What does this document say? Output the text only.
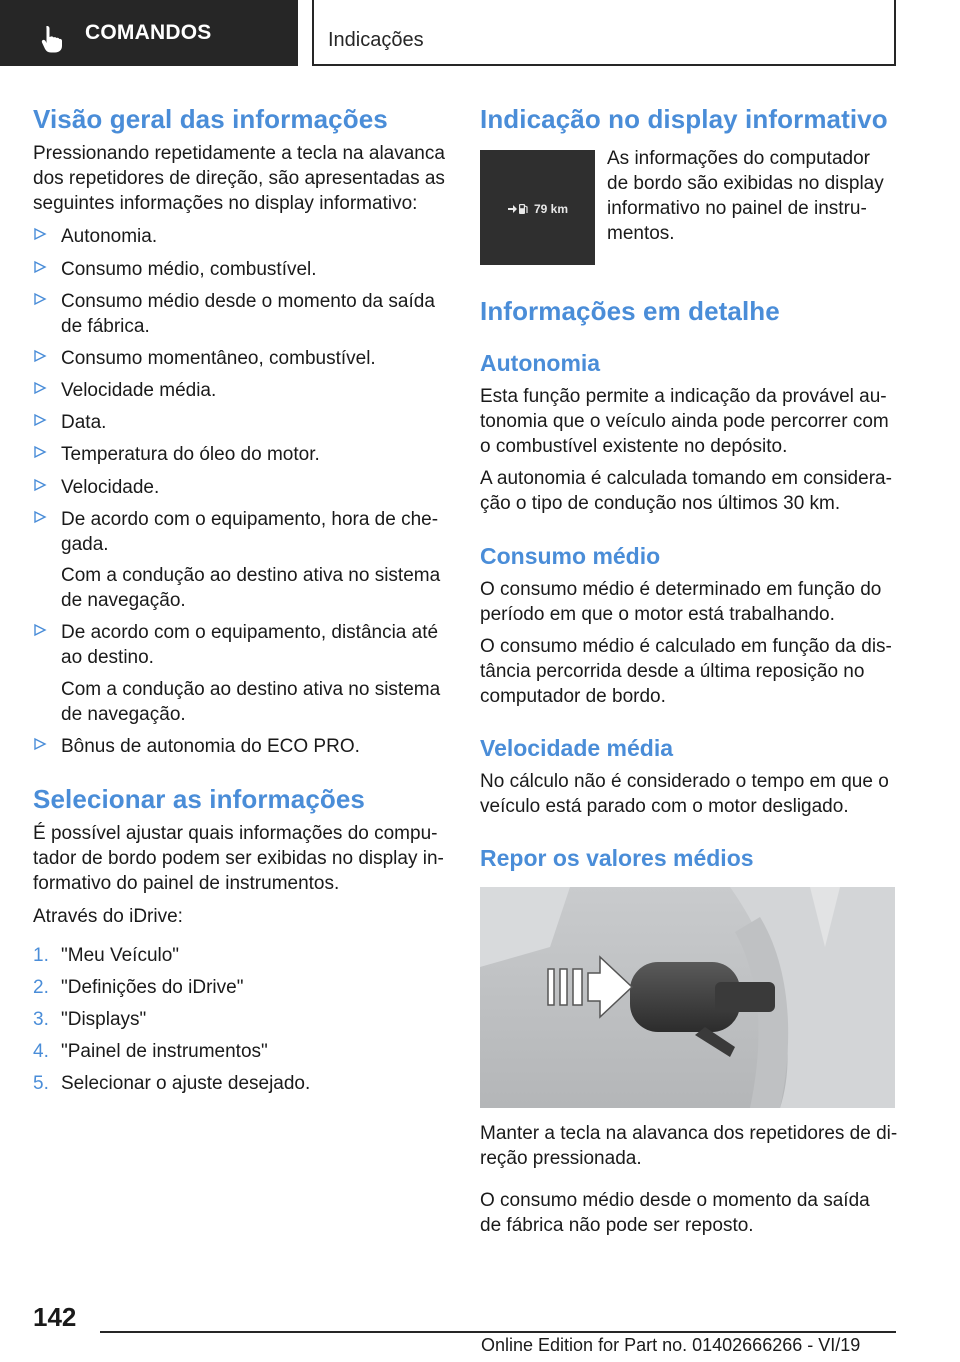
COMANDOS	Indicações
Visão geral das informações
Pressionando repetidamente a tecla na alavanca
dos repetidores de direção, são apresentadas as
seguintes informações no display informativo:
Autonomia.
Consumo médio, combustível.
Consumo médio desde o momento da saída
de fábrica.
Consumo momentâneo, combustível.
Velocidade média.
Data.
Temperatura do óleo do motor.
Velocidade.
De acordo com o equipamento, hora de che-
gada.
Com a condução ao destino ativa no sistema
de navegação.
De acordo com o equipamento, distância até
ao destino.
Com a condução ao destino ativa no sistema
de navegação.
Bônus de autonomia do ECO PRO.
Selecionar as informações
É possível ajustar quais informações do compu-
tador de bordo podem ser exibidas no display in-
formativo do painel de instrumentos.
Através do iDrive:
1. "Meu Veículo"
2. "Definições do iDrive"
3. "Displays"
4. "Painel de instrumentos"
5. Selecionar o ajuste desejado.
Indicação no display informativo
79 km
As informações do computador
de bordo são exibidas no display
informativo no painel de instru-
mentos.
Informações em detalhe
Autonomia
Esta função permite a indicação da provável au-
tonomia que o veículo ainda pode percorrer com
o combustível existente no depósito.
A autonomia é calculada tomando em considera-
ção o tipo de condução nos últimos 30 km.
Consumo médio
O consumo médio é determinado em função do
período em que o motor está trabalhando.
O consumo médio é calculado em função da dis-
tância percorrida desde a última reposição no
computador de bordo.
Velocidade média
No cálculo não é considerado o tempo em que o
veículo está parado com o motor desligado.
Repor os valores médios
Manter a tecla na alavanca dos repetidores de di-
reção pressionada.
O consumo médio desde o momento da saída
de fábrica não pode ser reposto.
142
Online Edition for Part no. 01402666266 - VI/19
